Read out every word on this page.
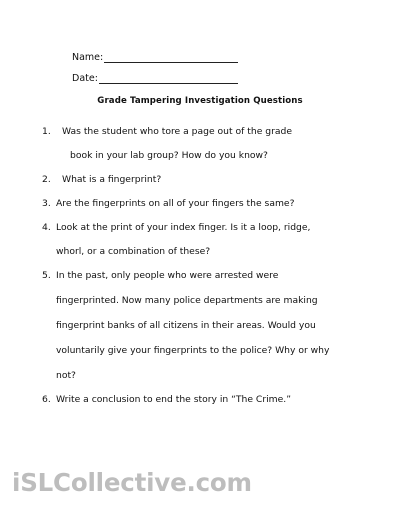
Name:
Date:
Grade Tampering Investigation Questions
1. Was the student who tore a page out of the grade
book in your lab group? How do you know?
2. What is a fingerprint?
3. Are the fingerprints on all of your fingers the same?
4. Look at the print of your index finger. Is it a loop, ridge,
whorl, or a combination of these?
5. In the past, only people who were arrested were
fingerprinted. Now many police departments are making
fingerprint banks of all citizens in their areas. Would you
voluntarily give your fingerprints to the police? Why or why
not?
6. Write a conclusion to end the story in “The Crime.”
iSLCollective.com
